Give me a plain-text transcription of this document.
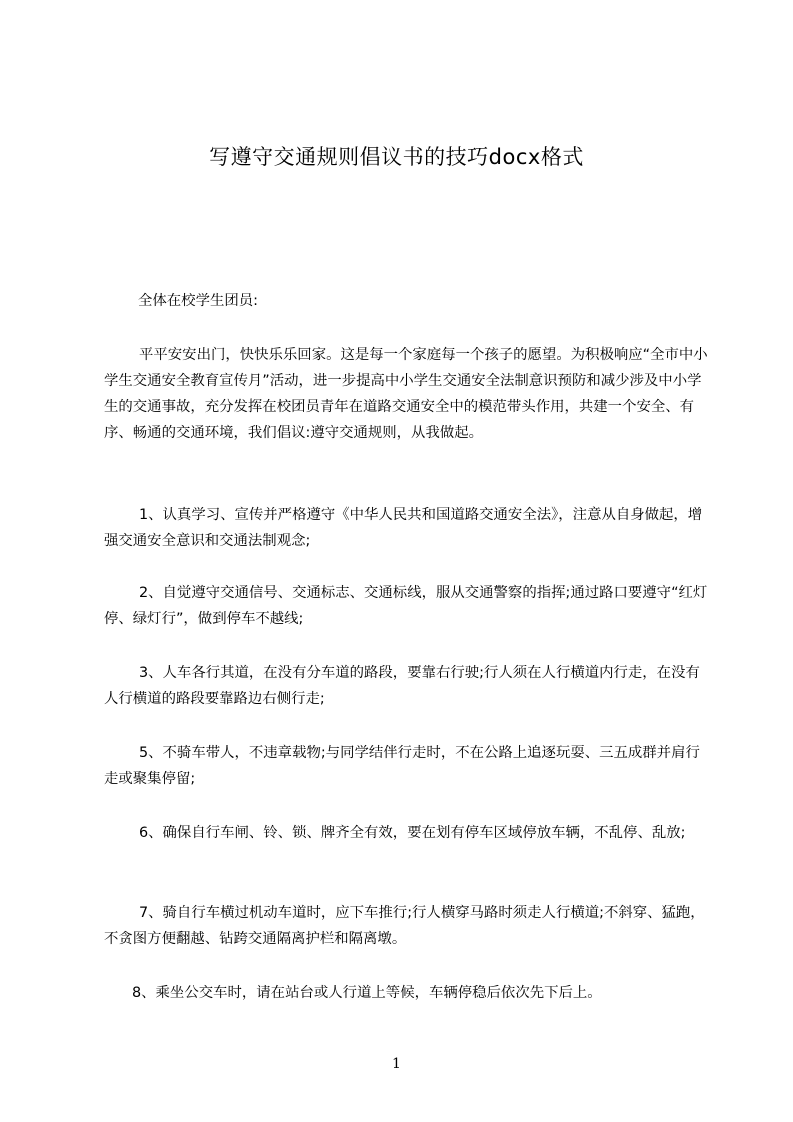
写遵守交通规则倡议书的技巧docx格式

全体在校学生团员:

平平安安出门，快快乐乐回家。这是每一个家庭每一个孩子的愿望。为积极响应“全市中小学生交通安全教育宣传月”活动，进一步提高中小学生交通安全法制意识预防和减少涉及中小学生的交通事故，充分发挥在校团员青年在道路交通安全中的模范带头作用，共建一个安全、有序、畅通的交通环境，我们倡议:遵守交通规则，从我做起。

1、认真学习、宣传并严格遵守《中华人民共和国道路交通安全法》，注意从自身做起，增强交通安全意识和交通法制观念;

2、自觉遵守交通信号、交通标志、交通标线，服从交通警察的指挥;通过路口要遵守“红灯停、绿灯行”，做到停车不越线;

3、人车各行其道，在没有分车道的路段，要靠右行驶;行人须在人行横道内行走，在没有人行横道的路段要靠路边右侧行走;

5、不骑车带人，不违章载物;与同学结伴行走时，不在公路上追逐玩耍、三五成群并肩行走或聚集停留;

6、确保自行车闸、铃、锁、牌齐全有效，要在划有停车区域停放车辆，不乱停、乱放;

7、骑自行车横过机动车道时，应下车推行;行人横穿马路时须走人行横道;不斜穿、猛跑，不贪图方便翻越、钻跨交通隔离护栏和隔离墩。

8、乘坐公交车时，请在站台或人行道上等候，车辆停稳后依次先下后上。

1
